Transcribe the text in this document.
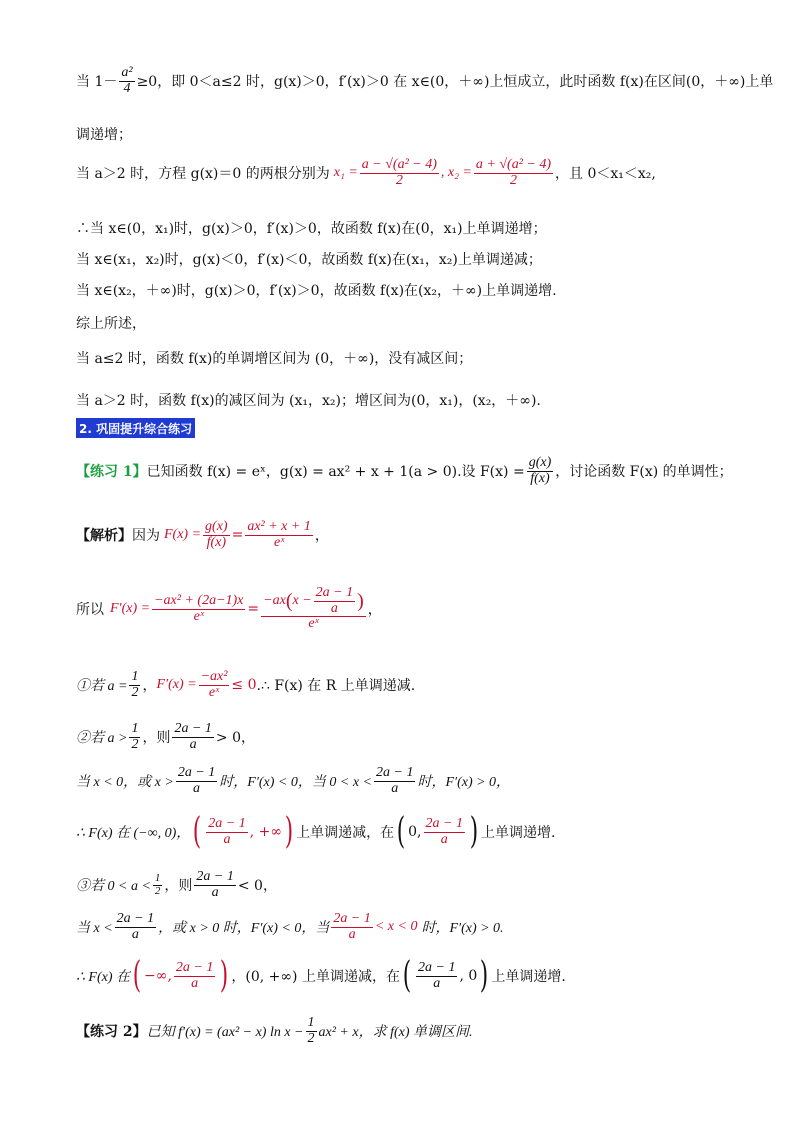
当 $1- \frac{\text{a²}}{4} \ge 0$，即 0＜a≤2 时，g(x)＞0，f′(x)＞0 在 x∈(0，＋∞)上恒成立，此时函数 f(x)在区间(0，＋∞)上单
调递增；
当 a＞2 时，方程 g(x)＝0 的两根分别为 $x_1 = \frac{\text{a − √(a² − 4)}}{2}$ , $x_2 = \frac{\text{a + √(a² − 4)}}{2}$ ，且 0＜x₁＜x₂,
∴当 x∈(0，x₁)时，g(x)＞0，f′(x)＞0，故函数 f(x)在(0，x₁)上单调递增；
当 x∈(x₁，x₂)时，g(x)＜0，f′(x)＜0，故函数 f(x)在(x₁，x₂)上单调递减；
当 x∈(x₂，＋∞)时，g(x)＞0，f′(x)＞0，故函数 f(x)在(x₂，＋∞)上单调递增.
综上所述，
当 a≤2 时，函数 f(x)的单调增区间为 (0，＋∞)，没有减区间；
当 a＞2 时，函数 f(x)的减区间为 (x₁，x₂)；增区间为(0，x₁)，(x₂，＋∞).
2. 巩固提升综合练习
【练习 1】 已知函数 f(x) = eˣ，g(x) = ax² + x + 1(a > 0).设 $F(x) = \frac{g(x)}{f(x)}$ ，讨论函数 F(x) 的单调性；
【解析】 因为 $F(x) = \frac{g(x)}{f(x)} = \frac{\text{ax² + x + 1}}{\text{eˣ}}$ ，
所以 $F'(x) = \frac{\text{−ax² + (2a−1)x}}{\text{eˣ}}$ =
−ax ( $x - \frac{2a - 1}{a}$ )
eˣ
，
①若 $a = \frac{1}{2}$ ， $F'(x) = \frac{\text{−ax²}}{\text{eˣ}} \le 0$ .∴ F(x) 在 R 上单调递减.
②若 $a > \frac{1}{2}$ ，则 $\frac{2a - 1}{a} > 0$，
当 x < 0，或 $x > \frac{2a - 1}{a}$ 时，F′(x) < 0，当 $0 < x < \frac{2a - 1}{a}$ 时，F′(x) > 0，
∴ F(x) 在 (−∞, 0)， ( $\frac{2a - 1}{a}$ , +∞ ) 上单调递减，在 ( 0, $\frac{2a - 1}{a}$ ) 上单调递增.
③若 $0 < a < \frac{1}{2}$ ，则 $\frac{2a - 1}{a} < 0$，
当 $x < \frac{2a - 1}{a}$ ，或 x > 0 时，F′(x) < 0，当 $\frac{2a - 1}{a} < x < 0$ 时，F′(x) > 0.
∴ F(x) 在 ( −∞, $\frac{2a - 1}{a}$ ) ，(0, +∞) 上单调递减，在 ( $\frac{2a - 1}{a}$ , 0 ) 上单调递增.
【练习 2】 已知 f′(x) = (ax² − x) $\ln x - \frac{1}{2} ax^2 + x$，求 f(x) 单调区间.
